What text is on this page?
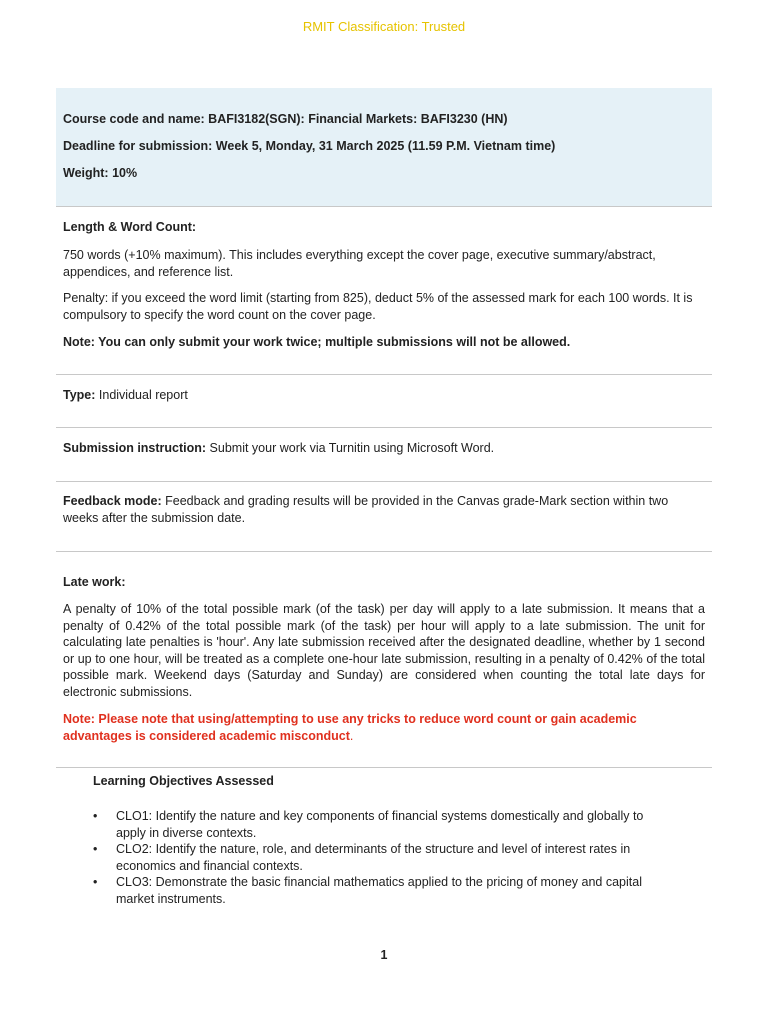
RMIT Classification: Trusted

Course code and name: BAFI3182(SGN): Financial Markets: BAFI3230 (HN)

Deadline for submission: Week 5, Monday, 31 March 2025 (11.59 P.M. Vietnam time)

Weight: 10%

Length & Word Count:

750 words (+10% maximum). This includes everything except the cover page, executive summary/abstract, appendices, and reference list.

Penalty: if you exceed the word limit (starting from 825), deduct 5% of the assessed mark for each 100 words. It is compulsory to specify the word count on the cover page.

Note: You can only submit your work twice; multiple submissions will not be allowed.

Type: Individual report

Submission instruction: Submit your work via Turnitin using Microsoft Word.

Feedback mode: Feedback and grading results will be provided in the Canvas grade-Mark section within two weeks after the submission date.

Late work:

A penalty of 10% of the total possible mark (of the task) per day will apply to a late submission. It means that a penalty of 0.42% of the total possible mark (of the task) per hour will apply to a late submission. The unit for calculating late penalties is 'hour'. Any late submission received after the designated deadline, whether by 1 second or up to one hour, will be treated as a complete one-hour late submission, resulting in a penalty of 0.42% of the total possible mark. Weekend days (Saturday and Sunday) are considered when counting the total late days for electronic submissions.

Note: Please note that using/attempting to use any tricks to reduce word count or gain academic advantages is considered academic misconduct.

Learning Objectives Assessed

• CLO1: Identify the nature and key components of financial systems domestically and globally to apply in diverse contexts.
• CLO2: Identify the nature, role, and determinants of the structure and level of interest rates in economics and financial contexts.
• CLO3: Demonstrate the basic financial mathematics applied to the pricing of money and capital market instruments.
1
